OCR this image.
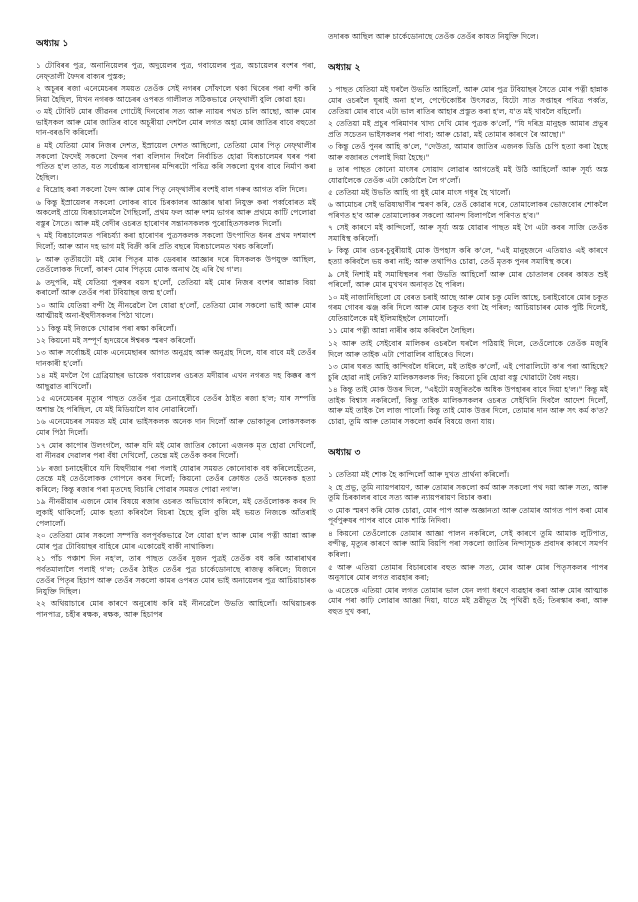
অধ্যায় ১

১ টোবিৰৰ পুত্ৰ, অনানিয়েলৰ পুত্ৰ, অদুয়েলৰ পুত্ৰ, গবায়েলৰ পুত্ৰ, অচায়েলৰ বংশৰ পৰা, নেফ্‌তালী ফৈদৰ বাক্যৰ পুস্তক;

২ অচূৰৰ ৰজা এনেমেচৰৰ সময়ত তেওঁক সেই নগৰৰ সোঁফালে থকা থিবেৰ পৰা বন্দী কৰি নিয়া হৈছিল, যিখন নগৰক আচেৰৰ ওপৰত গালীলত সঠিকভাৱে নেফ্‌থালী বুলি কোৱা হয়।

৩ মই টোবিট মোৰ জীৱনৰ গোটেই দিনবোৰ সত্য আৰু ন্যায়ৰ পথত চলি আছো, আৰু মোৰ ভাইসকল আৰু মোৰ জাতিৰ বাবে অচূৰীয়া দেশলৈ মোৰ লগত অহা মোৰ জাতিৰ বাবে বহুতো দান-বৰঙণি কৰিলোঁ।

৪ মই যেতিয়া মোৰ নিজৰ দেশত, ইস্ৰায়েল দেশত আছিলো, তেতিয়া মোৰ পিতৃ নেফ্‌থালীৰ সকলো ফৈদেই সকলো ফৈদৰ পৰা বলিদান দিবলৈ নিৰ্বাচিত হোৱা যিৰূচালেমৰ ঘৰৰ পৰা পতিত হ'ল তাত, যত সৰ্বোচ্চৰ বাসস্থানৰ মন্দিৰটো পবিত্ৰ কৰি সকলো যুগৰ বাবে নিৰ্মাণ কৰা হৈছিল।

৫ বিদ্ৰোহ কৰা সকলো ফৈদ আৰু মোৰ পিতৃ নেফ্‌থালীৰ বংশই বাল গৰুৰ আগত বলি দিলে।

৬ কিন্তু ইস্ৰায়েলৰ সকলো লোকৰ বাবে চিৰকালৰ আজ্ঞাৰ দ্বাৰা নিযুক্ত কৰা পৰ্ব্ববোৰত মই অকলেই প্ৰায়ে যিৰূচালেমলৈ গৈছিলোঁ, প্ৰথম ফল আৰু দশম ভাগৰ আৰু প্ৰথমে কাটি পেলোৱা বস্তুৰ সৈতে। আৰু মই বেদীৰ ওচৰত হাৰোণৰ সন্তানসকলক পুৰোহিতসকলক দিলোঁ।

৭ মই যিৰূচালেমত পৰিচৰ্য্যা কৰা হাৰোণৰ পুত্ৰসকলক সকলো উৎপাদিত ধনৰ প্ৰথম দশমাংশ দিলোঁ; আৰু আন দহ ভাগ মই বিক্ৰী কৰি প্ৰতি বছৰে যিৰূচালেমত খৰচ কৰিলোঁ।

৮ আৰু তৃতীয়টো মই মোৰ পিতৃৰ মাক ডেবৰাৰ আজ্ঞাৰ দৰে যিসকলক উপযুক্ত আছিল, তেওঁলোকক দিলোঁ, কাৰণ মোৰ পিতৃয়ে মোক অনাথ হৈ এৰি থৈ গ'ল।

৯ তদুপৰি, মই যেতিয়া পুৰুষৰ বয়স হ'লোঁ, তেতিয়া মই মোৰ নিজৰ বংশৰ আন্নাক বিয়া কৰালোঁ আৰু তেওঁৰ পৰা টবিয়াছৰ জন্ম হ'লোঁ।

১০ আমি যেতিয়া বন্দী হৈ নীনৱেলৈ লৈ যোৱা হ'লোঁ, তেতিয়া মোৰ সকলো ভাই আৰু মোৰ আত্মীয়ই অনা-ইহুদীসকলৰ পিঠা খালে।

১১ কিন্তু মই নিজকে খোৱাৰ পৰা ৰক্ষা কৰিলোঁ।

১২ কিয়নো মই সম্পূৰ্ণ হৃদয়েৰে ঈশ্বৰক স্মৰণ কৰিলোঁ।

১৩ আৰু সৰ্বোচ্চই মোক এনেমেছাৰৰ আগত অনুগ্ৰহ আৰু অনুগ্ৰহ দিলে, যাৰ বাবে মই তেওঁৰ দানকাৰী হ'লোঁ।

১৪ মই মদলৈ গৈ গ্ৰেব্ৰিয়াছৰ ভায়েক গবায়েলৰ ওচৰত মদীয়াৰ এখন নগৰত দহ কিক্কৰ ৰূপ আছুৱাত ৰাখিলোঁ।

১৫ এনেমেচৰৰ মৃত্যুৰ পাছত তেওঁৰ পুত্ৰ চেনাহেৰীবে তেওঁৰ ঠাইত ৰজা হ'ল; যাৰ সম্পত্তি অশান্ত হৈ পৰিছিল, যে মই মিডিয়ালৈ যাব নোৱাৰিলোঁ।

১৬ এনেমেচৰৰ সময়ত মই মোৰ ভাইসকলক অনেক দান দিলোঁ আৰু ভোকাতুৰ লোকসকলক মোৰ পিঠা দিলোঁ।

১৭ মোৰ কাপোৰ উলংগলৈ, আৰু যদি মই মোৰ জাতিৰ কোনো এজনক মৃত হোৱা দেখিলোঁ, বা নীনৱৰ দেৱালৰ পৰা বঁধা দেখিলোঁ, তেন্তে মই তেওঁক কবৰ দিলোঁ।

১৮ ৰজা চনাহেৰীবে যদি যিহুদীয়াৰ পৰা পলাই যোৱাৰ সময়ত কোনোবাক বধ কৰিলেহেঁতেন, তেন্তে মই তেওঁলোকক গোপনে কবৰ দিলোঁ; কিয়নো তেওঁৰ ক্ৰোধত তেওঁ অনেকক হত্যা কৰিলে; কিন্তু ৰজাৰ পৰা মৃতদেহ বিচাৰি পোৱাৰ সময়ত পোৱা নগ'ল।

১৯ নীনৱীয়াৰ এজনে মোৰ বিষয়ে ৰজাৰ ওচৰত অভিযোগ কৰিলে, মই তেওঁলোকক কবৰ দি লুকাই থাকিলোঁ; মোক হত্যা কৰিবলৈ বিচৰা হৈছে বুলি বুজি মই ভয়ত নিজকে আঁতৰাই পেলালোঁ।

২০ তেতিয়া মোৰ সকলো সম্পত্তি বলপূৰ্বকভাৱে লৈ যোৱা হ'ল আৰু মোৰ পত্নী আন্না আৰু মোৰ পুত্ৰ টোবিয়াছৰ বাহিৰে মোৰ একোৱেই বাকী নাথাকিল।

২১ পাঁচ পঞ্চাশ দিন নহ'ল, তাৰ পাছত তেওঁৰ দুজন পুত্ৰই তেওঁক বধ কৰি আৰাৰাথৰ পৰ্বতমালালৈ পলাই গ'ল; তেওঁৰ ঠাইত তেওঁৰ পুত্ৰ চাৰ্কেডোনাছে ৰাজত্ব কৰিলে; যিজনে তেওঁৰ পিতৃৰ হিচাপ আৰু তেওঁৰ সকলো কামৰ ওপৰত মোৰ ভাই অনায়েলৰ পুত্ৰ আচিয়াচাৰক নিযুক্তি দিছিল।

২২ অথিয়াচাৰে মোৰ কাৰণে অনুৰোধ কৰি মই নীনৱেলৈ উভতি আহিলোঁ। অথিয়াচৰক পানপাত্ৰ, চহীৰ ৰক্ষক, ৰক্ষক, আৰু হিচাপৰ

তদাৰক আছিল আৰু চাৰ্কেডোনাছে তেওঁক তেওঁৰ কাষত নিযুক্তি দিলে।

অধ্যায় ২

১ পাছত যেতিয়া মই ঘৰলৈ উভতি আহিলোঁ, আৰু মোৰ পুত্ৰ টবিয়াছৰ সৈতে মোৰ পত্নী হান্নাক মোৰ ওচৰলৈ ঘূৰাই অনা হ'ল, পেণ্টেকোষ্টৰ উৎসৱত, যিটো সাত সপ্তাহৰ পবিত্ৰ পৰ্ব্বত, তেতিয়া মোৰ বাবে এটা ভাল ৰাতিৰ আহাৰ প্ৰস্তুত কৰা হ'ল, য'ত মই খাবলৈ বহিলোঁ।

২ তেতিয়া মই প্ৰচুৰ পৰিমাণৰ খাদ্য দেখি মোৰ পুত্ৰক ক'লোঁ, "যি দৰিদ্ৰ মানুহক আমাৰ প্ৰভুৰ প্ৰতি সচেতন ভাইসকলৰ পৰা পাবা; আৰু চোৱা, মই তোমাৰ কাৰণে ৰৈ আছো।"

৩ কিন্তু তেওঁ পুনৰ আহি ক'লে, "দেউতা, আমাৰ জাতিৰ এজনক ডিঙি চেপি হত্যা কৰা হৈছে আৰু বজাৰত পেলাই দিয়া হৈছে।"

৪ তাৰ পাছত কোনো মাংসৰ সোয়াদ লোৱাৰ আগতেই মই উঠি আহিলোঁ আৰু সূৰ্য্য অস্ত যোৱালৈকে তেওঁক এটা কোঠালৈ লৈ গ'লোঁ।

৫ তেতিয়া মই উভতি আহি গা ধুই মোৰ মাংস গধূৰ হৈ খালোঁ।

৬ আমোচৰ সেই ভৱিষ্যদ্বাণীৰ স্মৰণ কৰি, তেওঁ কোৱাৰ দৰে, তোমালোকৰ ভোজবোৰ শোকলৈ পৰিণত হ'ব আৰু তোমালোকৰ সকলো আনন্দ বিলাপলৈ পৰিণত হ'ব।"

৭ সেই কাৰণে মই কান্দিলোঁ, আৰু সূৰ্য্য অস্ত যোৱাৰ পাছত মই গৈ এটা কবৰ সাজি তেওঁক সমাধিস্থ কৰিলোঁ।

৮ কিন্তু মোৰ ওচৰ-চুবুৰীয়াই মোক উপহাস কৰি ক'লে, "এই মানুহজনে এতিয়াও এই কাৰণে হত্যা কৰিবলৈ ভয় কৰা নাই; আৰু তথাপিও চোৱা, তেওঁ মৃতক পুনৰ সমাধিস্থ কৰে।

৯ সেই নিশাই মই সমাধিস্থলৰ পৰা উভতি আহিলোঁ আৰু মোৰ চোতালৰ বেৰৰ কাষত শুই পৰিলোঁ, আৰু মোৰ মুখখন অনাবৃত হৈ পৰিল।

১০ মই নাজানিছিলো যে বেৰত চৰাই আছে আৰু মোৰ চকু মেলি আছে, চৰাইবোৰে মোৰ চকুত গৰম গোবৰ ঝঞ্জ কৰি দিলে আৰু মোৰ চকুত বগা হৈ পৰিল; আচিয়াচাৰৰ মোক পুষ্টি দিলেই, যেতিয়ালৈকে মই ইলিমাইছলৈ সোমালোঁ।

১১ মোৰ পত্নী আন্না নাৰীৰ কাম কৰিবলৈ লৈছিল।

১২ আৰু তাই সেইবোৰ মালিকৰ ওচৰলৈ ঘৰলৈ পঠিয়াই দিলে, তেওঁলোকে তেওঁক মজুৰি দিলে আৰু তাইক এটা পোৱালিৰ বাহিৰেও দিলে।

১৩ মোৰ ঘৰত আহি কান্দিবলৈ ধৰিলে, মই তাইক ক'লোঁ, এই পোৱালিটো ক'ৰ পৰা আহিছে? চুৰি হোৱা নাই নেকি? মালিকসকলক দিব; কিয়নো চুৰি হোৱা বস্তু খোৱাটো বৈধ নহয়।

১৪ কিন্তু তাই মোক উত্তৰ দিলে, "এইটো মজুৰিতকৈ অধিক উপহাৰৰ বাবে দিয়া হ'ল।" কিন্তু মই তাইক বিশ্বাস নকৰিলোঁ, কিন্তু তাইক মালিকসকলৰ ওচৰত সেইখিনি দিবলৈ আদেশ দিলোঁ, আৰু মই তাইক লৈ লাজ পালোঁ। কিন্তু তাই মোক উত্তৰ দিলে, তোমাৰ দান আৰু সৎ কৰ্ম ক'ত? চোৱা, তুমি আৰু তোমাৰ সকলো কৰ্মৰ বিষয়ে জনা যায়।

অধ্যায় ৩

১ তেতিয়া মই শোক হৈ কান্দিলোঁ আৰু দুখত প্ৰাৰ্থনা কৰিলোঁ।

২ হে প্ৰভু, তুমি ন্যায়পৰায়ণ, আৰু তোমাৰ সকলো কৰ্ম আৰু সকলো পথ দয়া আৰু সত্য, আৰু তুমি চিৰকালৰ বাবে সত্য আৰু ন্যায়পৰায়ণ বিচাৰ কৰা।

৩ মোক স্মৰণ কৰি মোক চোৱা, মোৰ পাপ আৰু অজ্ঞানতা আৰু তোমাৰ আগত পাপ কৰা মোৰ পূৰ্বপুৰুষৰ পাপৰ বাবে মোক শাস্তি নিদিবা।

৪ কিয়নো তেওঁলোকে তোমাৰ আজ্ঞা পালন নকৰিলে, সেই কাৰণে তুমি আমাক লুটিপাত, বন্দীত্ব, মৃত্যুৰ কাৰণে আৰু আমি বিয়পি পৰা সকলো জাতিৰ নিন্দাসূচক প্ৰবাদৰ কাৰণে সমৰ্পণ কৰিলা।

৫ আৰু এতিয়া তোমাৰ বিচাৰবোৰ বহুত আৰু সত্য, মোৰ আৰু মোৰ পিতৃসকলৰ পাপৰ অনুসাৰে মোৰ লগত ব্যৱহাৰ কৰা;

৬ এতেকে এতিয়া মোৰ লগত তোমাৰ ভাল যেন লগা ধৰণে ব্যৱহাৰ কৰা আৰু মোৰ আত্মাক মোৰ পৰা কাঢ়ি লোৱাৰ আজ্ঞা দিয়া, যাতে মই দ্ৰৱীভূত হৈ পৃথিৱী হওঁ; তিৰস্কাৰ কৰা, আৰু বহুত দুখ কৰা,
